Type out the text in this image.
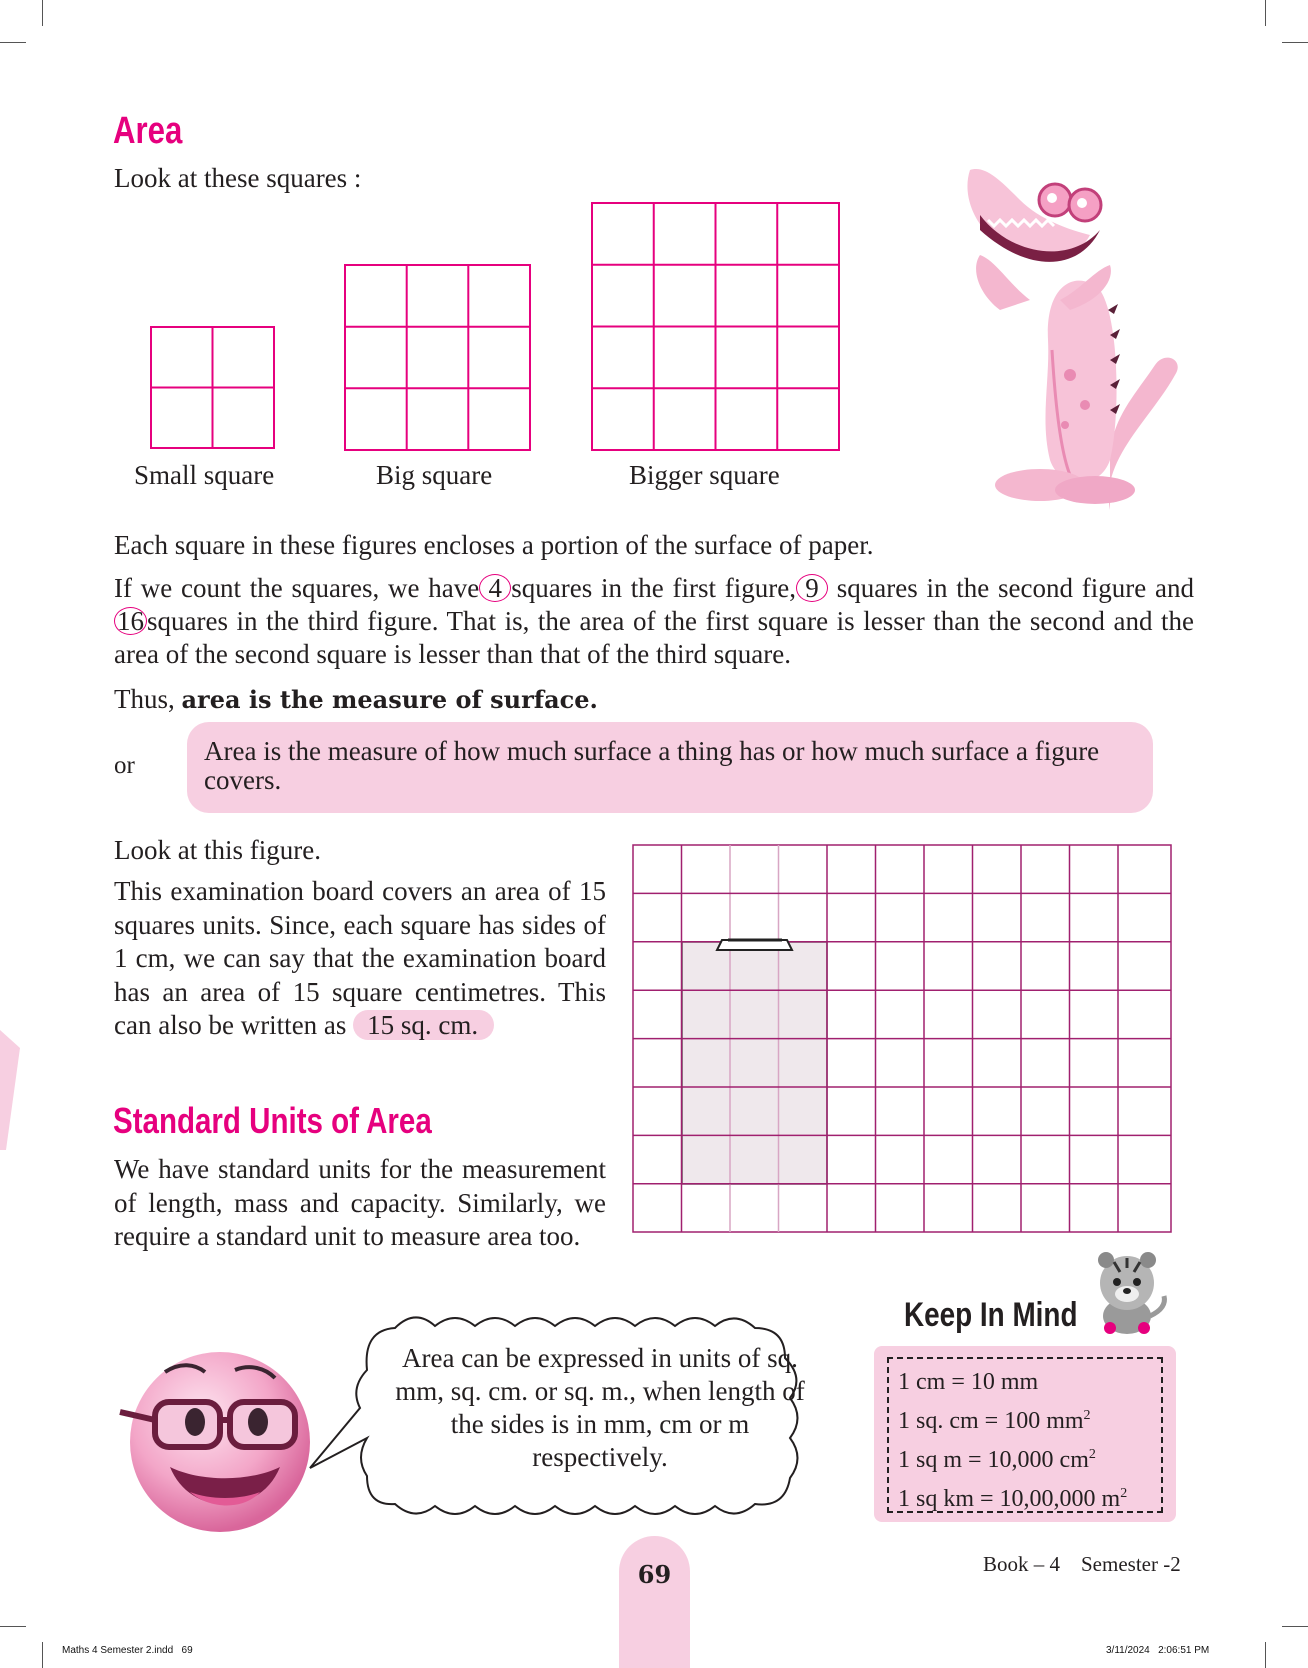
Area
Look at these squares :
Small square	Big square	Bigger square
Each square in these figures encloses a portion of the surface of paper.
If we count the squares, we have 4 squares in the first figure, 9 squares in the second figure and16 squares in the third figure. That is, the area of the first square is lesser than the second and the area of the second square is lesser than that of the third square.
Thus, area is the measure of surface.
or	Area is the measure of how much surface a thing has or how much surface a figure covers.
Look at this figure.
This examination board covers an area of 15 squares units. Since, each square has sides of 1 cm, we can say that the examination board has an area of 15 square centimetres. This can also be written as 15 sq. cm.
Standard Units of Area
We have standard units for the measurement of length, mass and capacity. Similarly, we require a standard unit to measure area too.
Area can be expressed in units of sq. mm, sq. cm. or sq. m., when length of the sides is in mm, cm or m respectively.
Keep In Mind
1 cm = 10 mm
1 sq. cm = 100 $mm^2$
1 sq m = 10,000 $cm^2$
1 sq km = 10,00,000 $m^2$
69	Book – 4    Semester -2
Maths 4 Semester 2.indd   69	3/11/2024   2:06:51 PM
